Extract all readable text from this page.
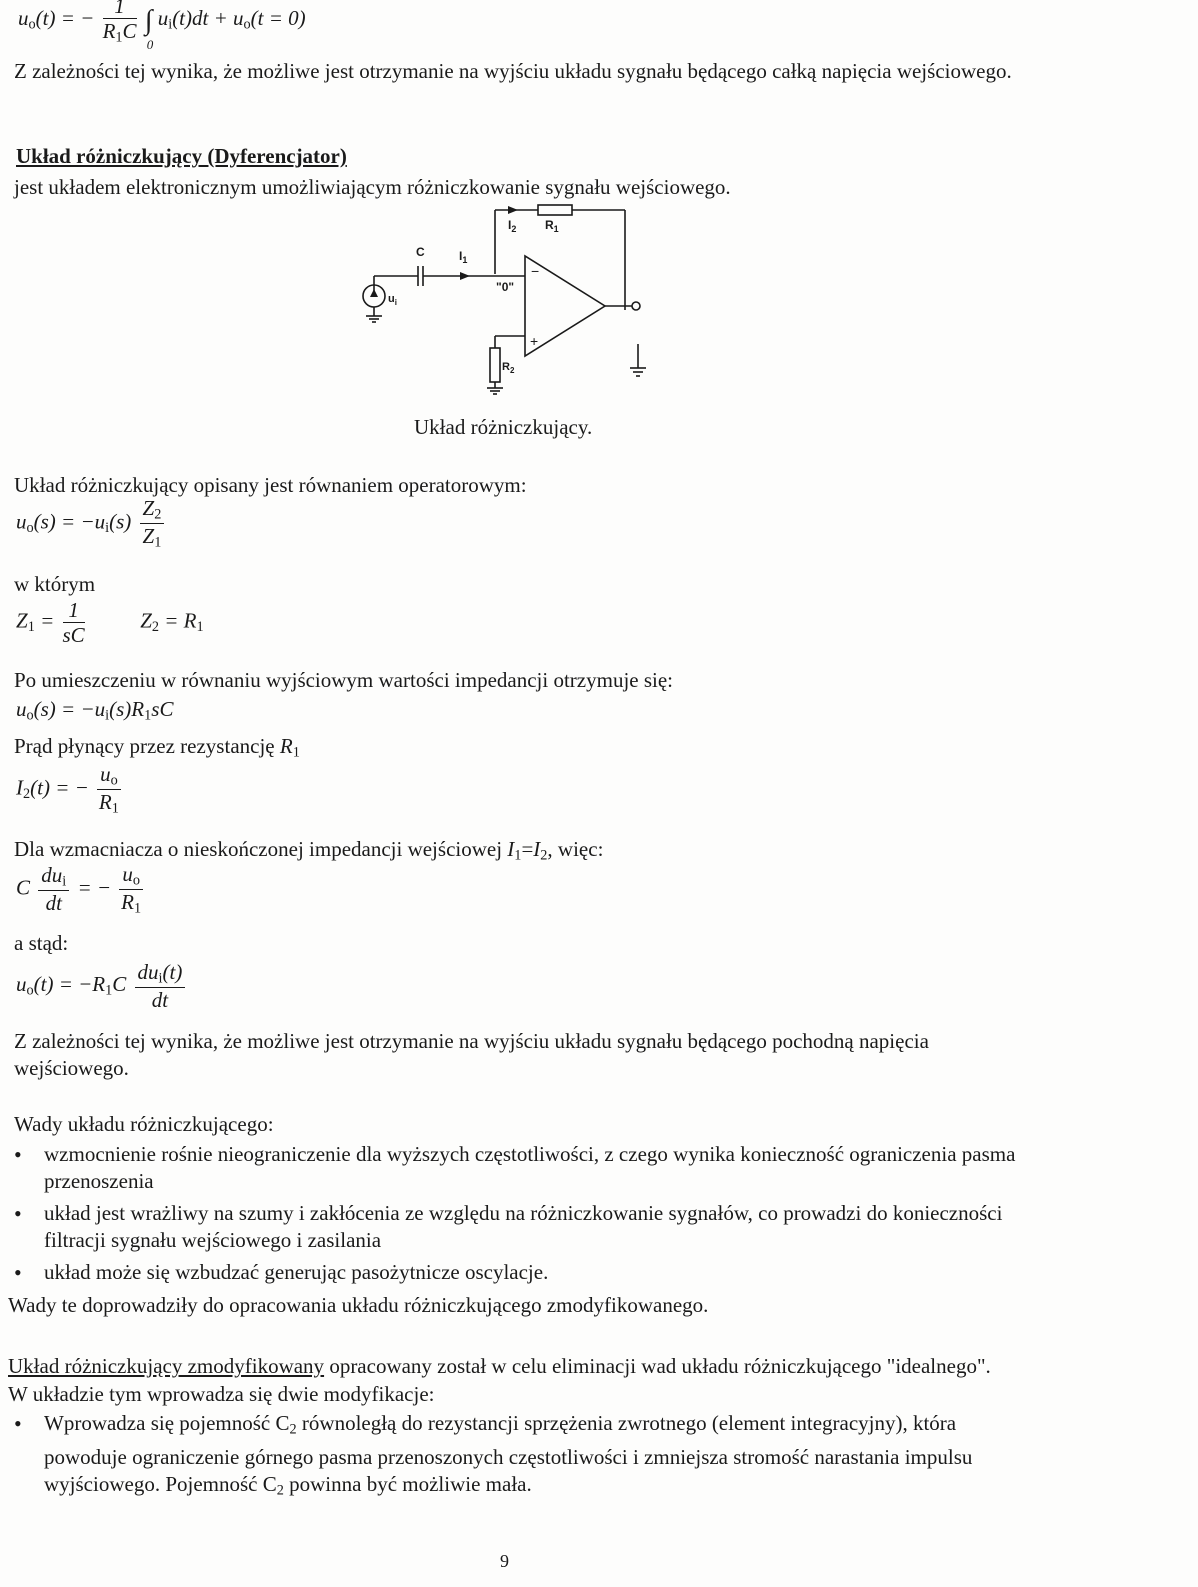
$u_o(t)$ = − $\frac{1}{R_1C}$ ∫
0
$u_i(t)dt + u_o(t = 0)$

Z zależności tej wynika, że możliwe jest otrzymanie na wyjściu układu sygnału będącego całką napięcia wejściowego.

Układ różniczkujący (Dyferencjator)
jest układem elektronicznym umożliwiającym różniczkowanie sygnału wejściowego.
$I_2$ $R_1$
C	$I_1$
"0"
$u_i$
$R_2$
−
+
Układ różniczkujący.
Układ różniczkujący opisany jest równaniem operatorowym:
$u_o(s) = -u_i(s) \frac{Z_2}{Z_1}$
w którym
$Z_1 = \frac{1}{sC}$	$Z_2 = R_1$
Po umieszczeniu w równaniu wyjściowym wartości impedancji otrzymuje się:
$u_o(s) = -u_i(s)R_1sC$
Prąd płynący przez rezystancję $R_1$
$I_2(t)$ = − $\frac{u_o}{R_1}$
Dla wzmacniacza o nieskończonej impedancji wejściowej $I_1=I_2$, więc:
C $\frac{du_i}{dt}$ = − $\frac{u_o}{R_1}$
a stąd:
$u_o(t) = -R_1C \frac{du_i(t)}{dt}$

Z zależności tej wynika, że możliwe jest otrzymanie na wyjściu układu sygnału będącego pochodną napięcia wejściowego.

Wady układu różniczkującego:
• wzmocnienie rośnie nieograniczenie dla wyższych częstotliwości, z czego wynika konieczność ograniczenia pasma przenoszenia
• układ jest wrażliwy na szumy i zakłócenia ze względu na różniczkowanie sygnałów, co prowadzi do konieczności filtracji sygnału wejściowego i zasilania
• układ może się wzbudzać generując pasożytnicze oscylacje.
Wady te doprowadziły do opracowania układu różniczkującego zmodyfikowanego.

Układ różniczkujący zmodyfikowany opracowany został w celu eliminacji wad układu różniczkującego "idealnego". W układzie tym wprowadza się dwie modyfikacje:

• Wprowadza się pojemność $C_2$ równoległą do rezystancji sprzężenia zwrotnego (element integracyjny), która powoduje ograniczenie górnego pasma przenoszonych częstotliwości i zmniejsza stromość narastania impulsu wyjściowego. Pojemność $C_2$ powinna być możliwie mała.
9
